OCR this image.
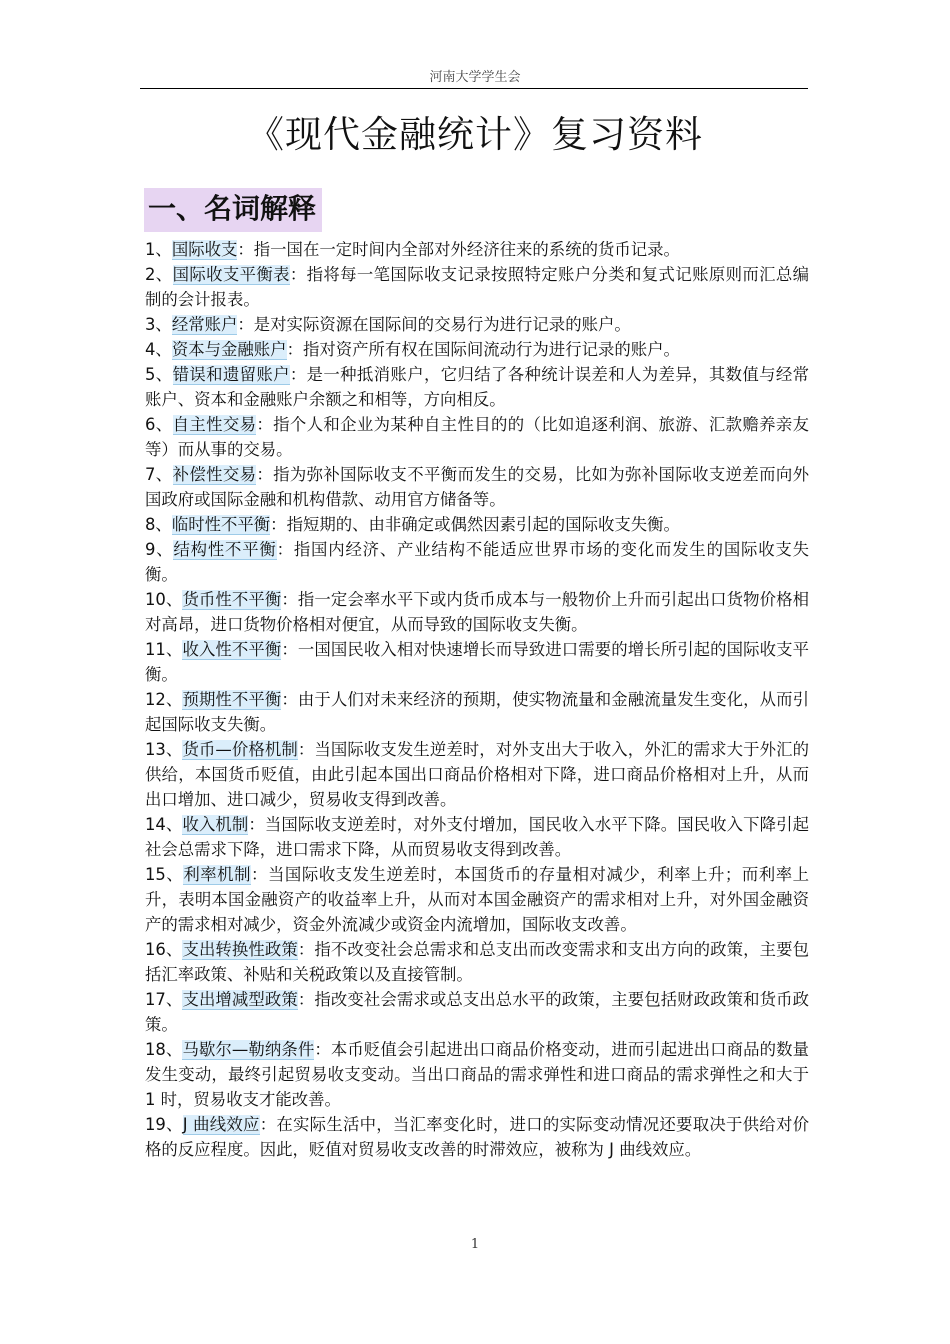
河南大学学生会
《现代金融统计》复习资料
一、名词解释

1、国际收支：指一国在一定时间内全部对外经济往来的系统的货币记录。

2、国际收支平衡表：指将每一笔国际收支记录按照特定账户分类和复式记账原则而汇总编制的会计报表。

3、经常账户：是对实际资源在国际间的交易行为进行记录的账户。

4、资本与金融账户：指对资产所有权在国际间流动行为进行记录的账户。

5、错误和遗留账户：是一种抵消账户，它归结了各种统计误差和人为差异，其数值与经常账户、资本和金融账户余额之和相等，方向相反。

6、自主性交易：指个人和企业为某种自主性目的的（比如追逐利润、旅游、汇款赡养亲友等）而从事的交易。

7、补偿性交易：指为弥补国际收支不平衡而发生的交易，比如为弥补国际收支逆差而向外国政府或国际金融和机构借款、动用官方储备等。

8、临时性不平衡：指短期的、由非确定或偶然因素引起的国际收支失衡。

9、结构性不平衡：指国内经济、产业结构不能适应世界市场的变化而发生的国际收支失衡。

10、货币性不平衡：指一定会率水平下或内货币成本与一般物价上升而引起出口货物价格相对高昂，进口货物价格相对便宜，从而导致的国际收支失衡。

11、收入性不平衡：一国国民收入相对快速增长而导致进口需要的增长所引起的国际收支平衡。

12、预期性不平衡：由于人们对未来经济的预期，使实物流量和金融流量发生变化，从而引起国际收支失衡。

13、货币—价格机制：当国际收支发生逆差时，对外支出大于收入，外汇的需求大于外汇的供给，本国货币贬值，由此引起本国出口商品价格相对下降，进口商品价格相对上升，从而出口增加、进口减少，贸易收支得到改善。

14、收入机制：当国际收支逆差时，对外支付增加，国民收入水平下降。国民收入下降引起社会总需求下降，进口需求下降，从而贸易收支得到改善。

15、利率机制：当国际收支发生逆差时，本国货币的存量相对减少，利率上升；而利率上升，表明本国金融资产的收益率上升，从而对本国金融资产的需求相对上升，对外国金融资产的需求相对减少，资金外流减少或资金内流增加，国际收支改善。

16、支出转换性政策：指不改变社会总需求和总支出而改变需求和支出方向的政策，主要包括汇率政策、补贴和关税政策以及直接管制。

17、支出增减型政策：指改变社会需求或总支出总水平的政策，主要包括财政政策和货币政策。

18、马歇尔—勒纳条件：本币贬值会引起进出口商品价格变动，进而引起进出口商品的数量发生变动，最终引起贸易收支变动。当出口商品的需求弹性和进口商品的需求弹性之和大于 1 时，贸易收支才能改善。

19、J 曲线效应：在实际生活中，当汇率变化时，进口的实际变动情况还要取决于供给对价格的反应程度。因此，贬值对贸易收支改善的时滞效应，被称为 J 曲线效应。

1
